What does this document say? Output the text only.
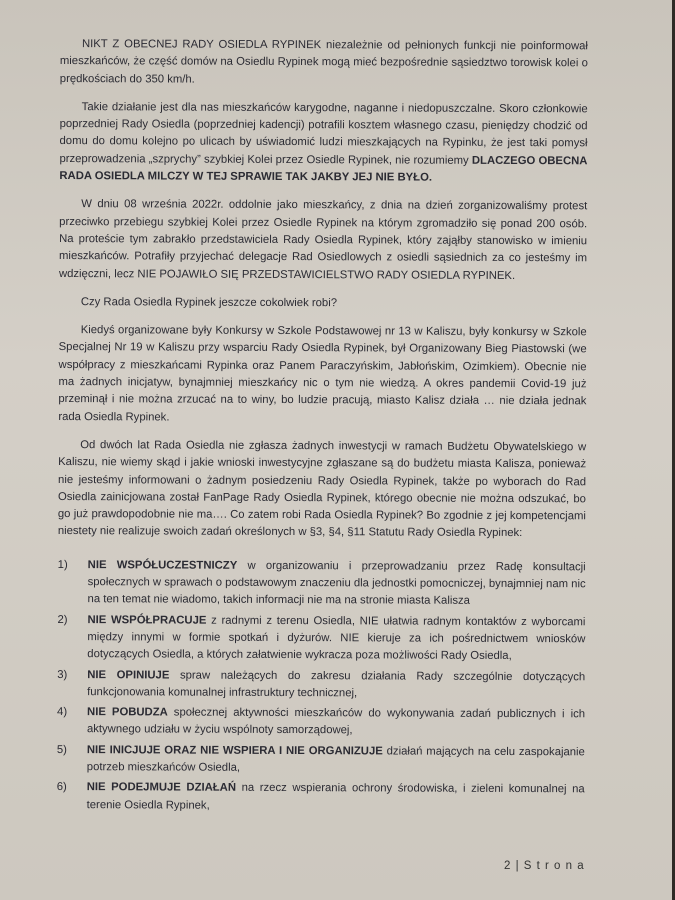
NIKT Z OBECNEJ RADY OSIEDLA RYPINEK niezależnie od pełnionych funkcji nie poinformował mieszkańców, że część domów na Osiedlu Rypinek mogą mieć bezpośrednie sąsiedztwo torowisk kolei o prędkościach do 350 km/h.

Takie działanie jest dla nas mieszkańców karygodne, naganne i niedopuszczalne. Skoro członkowie poprzedniej Rady Osiedla (poprzedniej kadencji) potrafili kosztem własnego czasu, pieniędzy chodzić od domu do domu kolejno po ulicach by uświadomić ludzi mieszkających na Rypinku, że jest taki pomysł przeprowadzenia „szprychy” szybkiej Kolei przez Osiedle Rypinek, nie rozumiemy DLACZEGO OBECNA RADA OSIEDLA MILCZY W TEJ SPRAWIE TAK JAKBY JEJ NIE BYŁO.

W dniu 08 września 2022r. oddolnie jako mieszkańcy, z dnia na dzień zorganizowaliśmy protest przeciwko przebiegu szybkiej Kolei przez Osiedle Rypinek na którym zgromadziło się ponad 200 osób. Na proteście tym zabrakło przedstawiciela Rady Osiedla Rypinek, który zająłby stanowisko w imieniu mieszkańców. Potrafiły przyjechać delegacje Rad Osiedlowych z osiedli sąsiednich za co jesteśmy im wdzięczni, lecz NIE POJAWIŁO SIĘ PRZEDSTAWICIELSTWO RADY OSIEDLA RYPINEK.

Czy Rada Osiedla Rypinek jeszcze cokolwiek robi?

Kiedyś organizowane były Konkursy w Szkole Podstawowej nr 13 w Kaliszu, były konkursy w Szkole Specjalnej Nr 19 w Kaliszu przy wsparciu Rady Osiedla Rypinek, był Organizowany Bieg Piastowski (we współpracy z mieszkańcami Rypinka oraz Panem Paraczyńskim, Jabłońskim, Ozimkiem). Obecnie nie ma żadnych inicjatyw, bynajmniej mieszkańcy nic o tym nie wiedzą. A okres pandemii Covid-19 już przeminął i nie można zrzucać na to winy, bo ludzie pracują, miasto Kalisz działa … nie działa jednak rada Osiedla Rypinek.

Od dwóch lat Rada Osiedla nie zgłasza żadnych inwestycji w ramach Budżetu Obywatelskiego w Kaliszu, nie wiemy skąd i jakie wnioski inwestycyjne zgłaszane są do budżetu miasta Kalisza, ponieważ nie jesteśmy informowani o żadnym posiedzeniu Rady Osiedla Rypinek, także po wyborach do Rad Osiedla zainicjowana został FanPage Rady Osiedla Rypinek, którego obecnie nie można odszukać, bo go już prawdopodobnie nie ma…. Co zatem robi Rada Osiedla Rypinek? Bo zgodnie z jej kompetencjami niestety nie realizuje swoich zadań określonych w §3, §4, §11 Statutu Rady Osiedla Rypinek:

1)	NIE WSPÓŁUCZESTNICZY w organizowaniu i przeprowadzaniu przez Radę konsultacji społecznych w sprawach o podstawowym znaczeniu dla jednostki pomocniczej, bynajmniej nam nic na ten temat nie wiadomo, takich informacji nie ma na stronie miasta Kalisza
2)	NIE WSPÓŁPRACUJE z radnymi z terenu Osiedla, NIE ułatwia radnym kontaktów z wyborcami między innymi w formie spotkań i dyżurów. NIE kieruje za ich pośrednictwem wniosków dotyczących Osiedla, a których załatwienie wykracza poza możliwości Rady Osiedla,
3)	NIE OPINIUJE spraw należących do zakresu działania Rady szczególnie dotyczących funkcjonowania komunalnej infrastruktury technicznej,
4)	NIE POBUDZA społecznej aktywności mieszkańców do wykonywania zadań publicznych i ich aktywnego udziału w życiu wspólnoty samorządowej,
5)	NIE INICJUJE ORAZ NIE WSPIERA I NIE ORGANIZUJE działań mających na celu zaspokajanie potrzeb mieszkańców Osiedla,
6)	NIE PODEJMUJE DZIAŁAŃ na rzecz wspierania ochrony środowiska, i zieleni komunalnej na terenie Osiedla Rypinek,
2 | S t r o n a
